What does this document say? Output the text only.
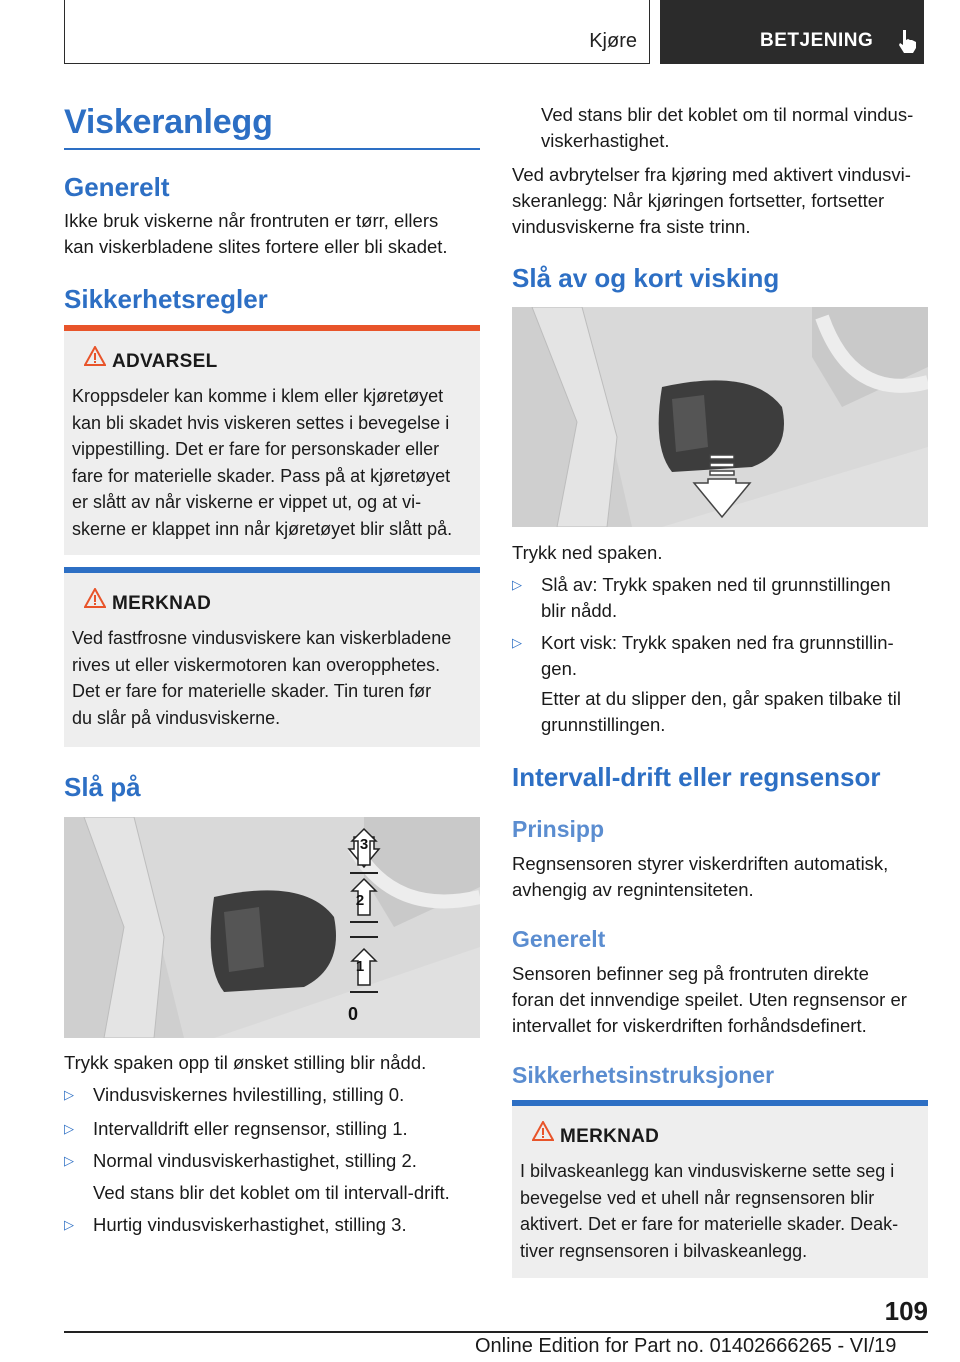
Kjøre	BETJENING
Viskeranlegg
Generelt
Ikke bruk viskerne når frontruten er tørr, ellers
kan viskerbladene slites fortere eller bli skadet.
Sikkerhetsregler
ADVARSEL
Kroppsdeler kan komme i klem eller kjøretøyet
kan bli skadet hvis viskeren settes i bevegelse i
vippestilling. Det er fare for personskader eller
fare for materielle skader. Pass på at kjøretøyet
er slått av når viskerne er vippet ut, og at vi-
skerne er klappet inn når kjøretøyet blir slått på.
MERKNAD
Ved fastfrosne vindusviskere kan viskerbladene
rives ut eller viskermotoren kan overopphetes.
Det er fare for materielle skader. Tin turen før
du slår på vindusviskerne.
Slå på
3
2
1
0
Trykk spaken opp til ønsket stilling blir nådd.
▷ Vindusviskernes hvilestilling, stilling 0.
▷ Intervalldrift eller regnsensor, stilling 1.
▷ Normal vindusviskerhastighet, stilling 2.
Ved stans blir det koblet om til intervall-drift.
▷ Hurtig vindusviskerhastighet, stilling 3.
Ved stans blir det koblet om til normal vindus-
viskerhastighet.
Ved avbrytelser fra kjøring med aktivert vindusvi-
skeranlegg: Når kjøringen fortsetter, fortsetter
vindusviskerne fra siste trinn.
Slå av og kort visking
Trykk ned spaken.
▷ Slå av: Trykk spaken ned til grunnstillingen
blir nådd.
▷ Kort visk: Trykk spaken ned fra grunnstillin-
gen.
Etter at du slipper den, går spaken tilbake til
grunnstillingen.
Intervall-drift eller regnsensor
Prinsipp
Regnsensoren styrer viskerdriften automatisk,
avhengig av regnintensiteten.
Generelt
Sensoren befinner seg på frontruten direkte
foran det innvendige speilet. Uten regnsensor er
intervallet for viskerdriften forhåndsdefinert.
Sikkerhetsinstruksjoner
MERKNAD
I bilvaskeanlegg kan vindusviskerne sette seg i
bevegelse ved et uhell når regnsensoren blir
aktivert. Det er fare for materielle skader. Deak-
tiver regnsensoren i bilvaskeanlegg.
109
Online Edition for Part no. 01402666265 - VI/19
